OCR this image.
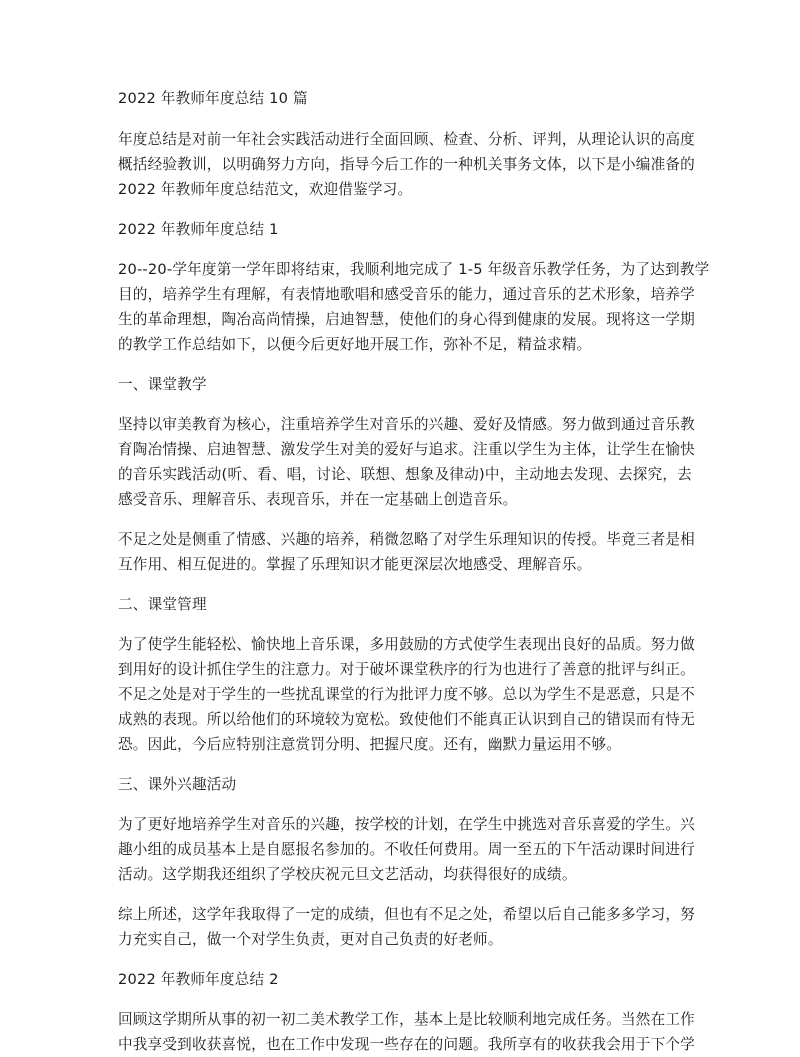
2022 年教师年度总结 10 篇
年度总结是对前一年社会实践活动进行全面回顾、检查、分析、评判，从理论认识的高度
概括经验教训，以明确努力方向，指导今后工作的一种机关事务文体，以下是小编准备的
2022 年教师年度总结范文，欢迎借鉴学习。
2022 年教师年度总结 1
20--20-学年度第一学年即将结束，我顺利地完成了 1-5 年级音乐教学任务，为了达到教学
目的，培养学生有理解，有表情地歌唱和感受音乐的能力，通过音乐的艺术形象，培养学
生的革命理想，陶冶高尚情操，启迪智慧，使他们的身心得到健康的发展。现将这一学期
的教学工作总结如下，以便今后更好地开展工作，弥补不足，精益求精。
一、课堂教学
坚持以审美教育为核心，注重培养学生对音乐的兴趣、爱好及情感。努力做到通过音乐教
育陶冶情操、启迪智慧、激发学生对美的爱好与追求。注重以学生为主体，让学生在愉快
的音乐实践活动(听、看、唱，讨论、联想、想象及律动)中，主动地去发现、去探究，去
感受音乐、理解音乐、表现音乐，并在一定基础上创造音乐。
不足之处是侧重了情感、兴趣的培养，稍微忽略了对学生乐理知识的传授。毕竟三者是相
互作用、相互促进的。掌握了乐理知识才能更深层次地感受、理解音乐。
二、课堂管理
为了使学生能轻松、愉快地上音乐课，多用鼓励的方式使学生表现出良好的品质。努力做
到用好的设计抓住学生的注意力。对于破坏课堂秩序的行为也进行了善意的批评与纠正。
不足之处是对于学生的一些扰乱课堂的行为批评力度不够。总以为学生不是恶意，只是不
成熟的表现。所以给他们的环境较为宽松。致使他们不能真正认识到自己的错误而有恃无
恐。因此，今后应特别注意赏罚分明、把握尺度。还有，幽默力量运用不够。
三、课外兴趣活动
为了更好地培养学生对音乐的兴趣，按学校的计划，在学生中挑选对音乐喜爱的学生。兴
趣小组的成员基本上是自愿报名参加的。不收任何费用。周一至五的下午活动课时间进行
活动。这学期我还组织了学校庆祝元旦文艺活动，均获得很好的成绩。
综上所述，这学年我取得了一定的成绩，但也有不足之处，希望以后自己能多多学习，努
力充实自己，做一个对学生负责，更对自己负责的好老师。
2022 年教师年度总结 2
回顾这学期所从事的初一初二美术教学工作，基本上是比较顺利地完成任务。当然在工作
中我享受到收获喜悦，也在工作中发现一些存在的问题。我所享有的收获我会用于下个学
